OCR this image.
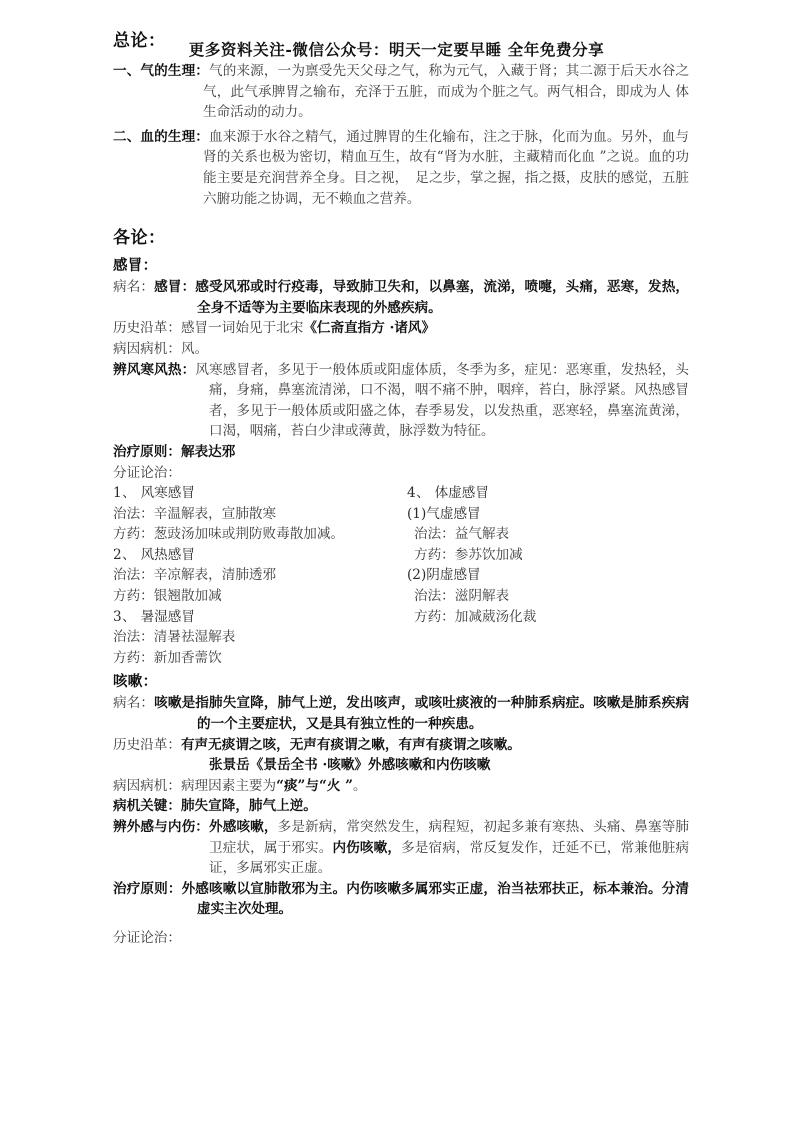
更多资料关注-微信公众号：明天一定要早睡 全年免费分享
总论：

一、气的生理：气的来源，一为禀受先天父母之气，称为元气，入藏于肾；其二源于后天水谷之气，此气承脾胃之输布，充泽于五脏，而成为个脏之气。两气相合，即成为人 体生命活动的动力。

二、血的生理：血来源于水谷之精气，通过脾胃的生化输布，注之于脉，化而为血。另外，血与肾的关系也极为密切，精血互生，故有“肾为水脏，主藏精而化血 ”之说。血的功能主要是充润营养全身。目之视，　足之步，掌之握，指之摄，皮肤的感觉，五脏六腑功能之协调，无不赖血之营养。

各论：
感冒：

病名：感冒：感受风邪或时行疫毒，导致肺卫失和，以鼻塞，流涕，喷嚏，头痛，恶寒，发热，全身不适等为主要临床表现的外感疾病。

历史沿革：感冒一词始见于北宋《仁斋直指方 ·诸风》

病因病机：风。

辨风寒风热：风寒感冒者，多见于一般体质或阳虚体质，冬季为多，症见：恶寒重，发热轻，头痛，身痛，鼻塞流清涕，口不渴，咽不痛不肿，咽痒，苔白，脉浮紧。风热感冒者，多见于一般体质或阳盛之体，春季易发，以发热重，恶寒轻，鼻塞流黄涕，口渴，咽痛，苔白少津或薄黄，脉浮数为特征。

治疗原则：解表达邪

分证论治：

1、 风寒感冒

治法：辛温解表，宣肺散寒

方药：葱豉汤加味或荆防败毒散加减。

2、 风热感冒

治法：辛凉解表，清肺透邪

方药：银翘散加减

3、 暑湿感冒

治法：清暑祛湿解表

方药：新加香薷饮

4、 体虚感冒

(1)气虚感冒

治法：益气解表

方药：参苏饮加减

(2)阴虚感冒

治法：滋阴解表

方药：加减葳汤化裁

咳嗽：

病名：咳嗽是指肺失宣降，肺气上逆，发出咳声，或咳吐痰液的一种肺系病症。咳嗽是肺系疾病的一个主要症状，又是具有独立性的一种疾患。

历史沿革：有声无痰谓之咳，无声有痰谓之嗽，有声有痰谓之咳嗽。

张景岳《景岳全书 ·咳嗽》外感咳嗽和内伤咳嗽

病因病机：病理因素主要为“痰”与“火 ”。

病机关键：肺失宣降，肺气上逆。

辨外感与内伤：外感咳嗽，多是新病，常突然发生，病程短，初起多兼有寒热、头痛、鼻塞等肺卫症状，属于邪实。内伤咳嗽，多是宿病，常反复发作，迁延不已，常兼他脏病证，多属邪实正虚。

治疗原则：外感咳嗽以宣肺散邪为主。内伤咳嗽多属邪实正虚，治当祛邪扶正，标本兼治。分清虚实主次处理。

分证论治：
